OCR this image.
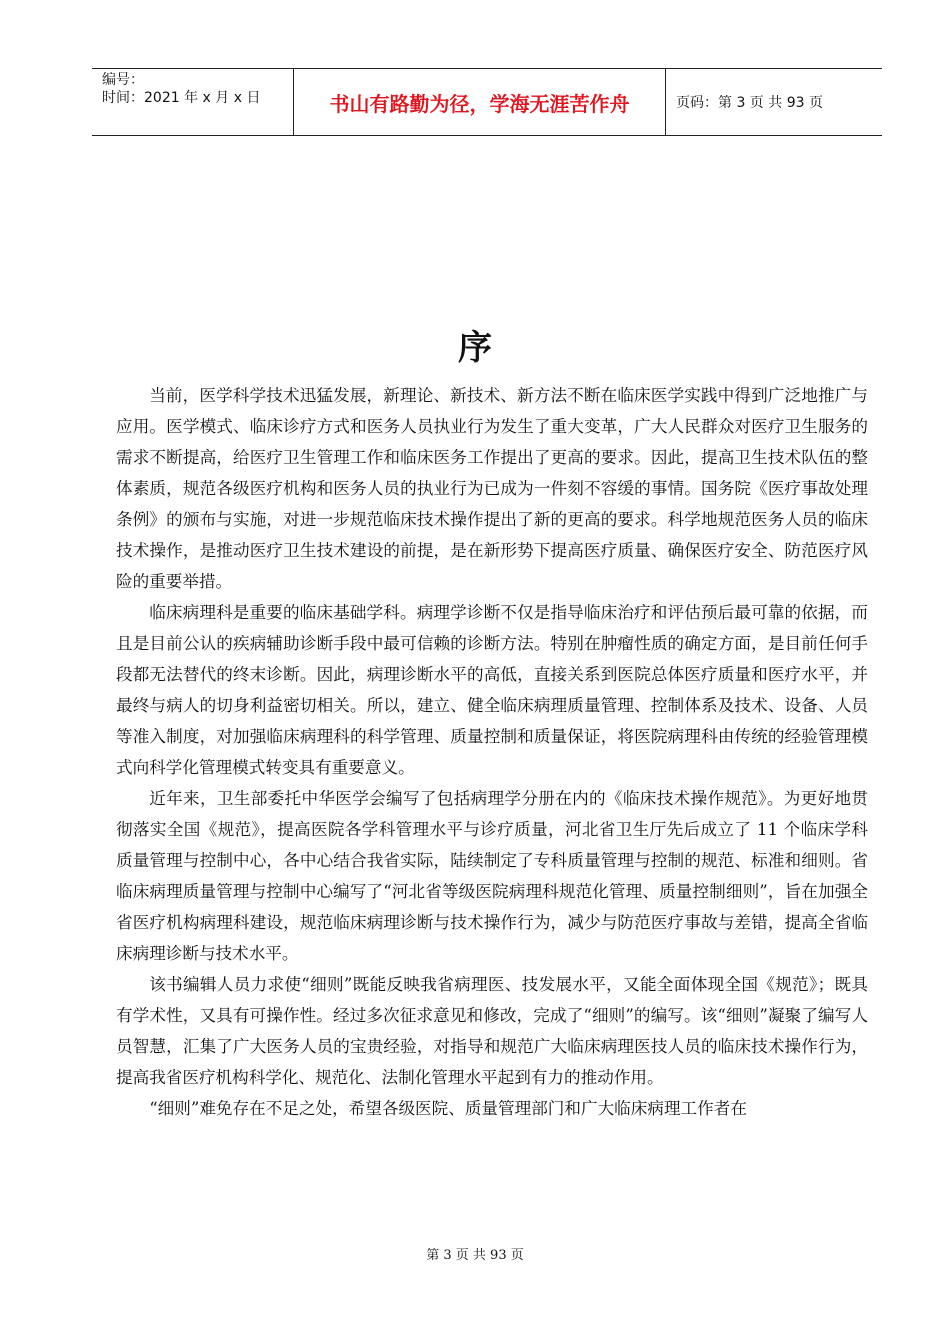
编号：
时间：2021 年 x 月 x 日	书山有路勤为径，学海无涯苦作舟	页码：第 3 页 共 93 页
序

当前，医学科学技术迅猛发展，新理论、新技术、新方法不断在临床医学实践中得到广泛地推广与应用。医学模式、临床诊疗方式和医务人员执业行为发生了重大变革，广大人民群众对医疗卫生服务的需求不断提高，给医疗卫生管理工作和临床医务工作提出了更高的要求。因此，提高卫生技术队伍的整体素质，规范各级医疗机构和医务人员的执业行为已成为一件刻不容缓的事情。国务院《医疗事故处理条例》的颁布与实施，对进一步规范临床技术操作提出了新的更高的要求。科学地规范医务人员的临床技术操作，是推动医疗卫生技术建设的前提，是在新形势下提高医疗质量、确保医疗安全、防范医疗风险的重要举措。

临床病理科是重要的临床基础学科。病理学诊断不仅是指导临床治疗和评估预后最可靠的依据，而且是目前公认的疾病辅助诊断手段中最可信赖的诊断方法。特别在肿瘤性质的确定方面，是目前任何手段都无法替代的终末诊断。因此，病理诊断水平的高低，直接关系到医院总体医疗质量和医疗水平，并最终与病人的切身利益密切相关。所以，建立、健全临床病理质量管理、控制体系及技术、设备、人员等准入制度，对加强临床病理科的科学管理、质量控制和质量保证，将医院病理科由传统的经验管理模式向科学化管理模式转变具有重要意义。

近年来，卫生部委托中华医学会编写了包括病理学分册在内的《临床技术操作规范》。为更好地贯彻落实全国《规范》，提高医院各学科管理水平与诊疗质量，河北省卫生厅先后成立了 11 个临床学科质量管理与控制中心，各中心结合我省实际，陆续制定了专科质量管理与控制的规范、标准和细则。省临床病理质量管理与控制中心编写了“河北省等级医院病理科规范化管理、质量控制细则”，旨在加强全省医疗机构病理科建设，规范临床病理诊断与技术操作行为，减少与防范医疗事故与差错，提高全省临床病理诊断与技术水平。

该书编辑人员力求使“细则”既能反映我省病理医、技发展水平，又能全面体现全国《规范》；既具有学术性，又具有可操作性。经过多次征求意见和修改，完成了“细则”的编写。该“细则”凝聚了编写人员智慧，汇集了广大医务人员的宝贵经验，对指导和规范广大临床病理医技人员的临床技术操作行为，提高我省医疗机构科学化、规范化、法制化管理水平起到有力的推动作用。

“细则”难免存在不足之处，希望各级医院、质量管理部门和广大临床病理工作者在

第 3 页 共 93 页
